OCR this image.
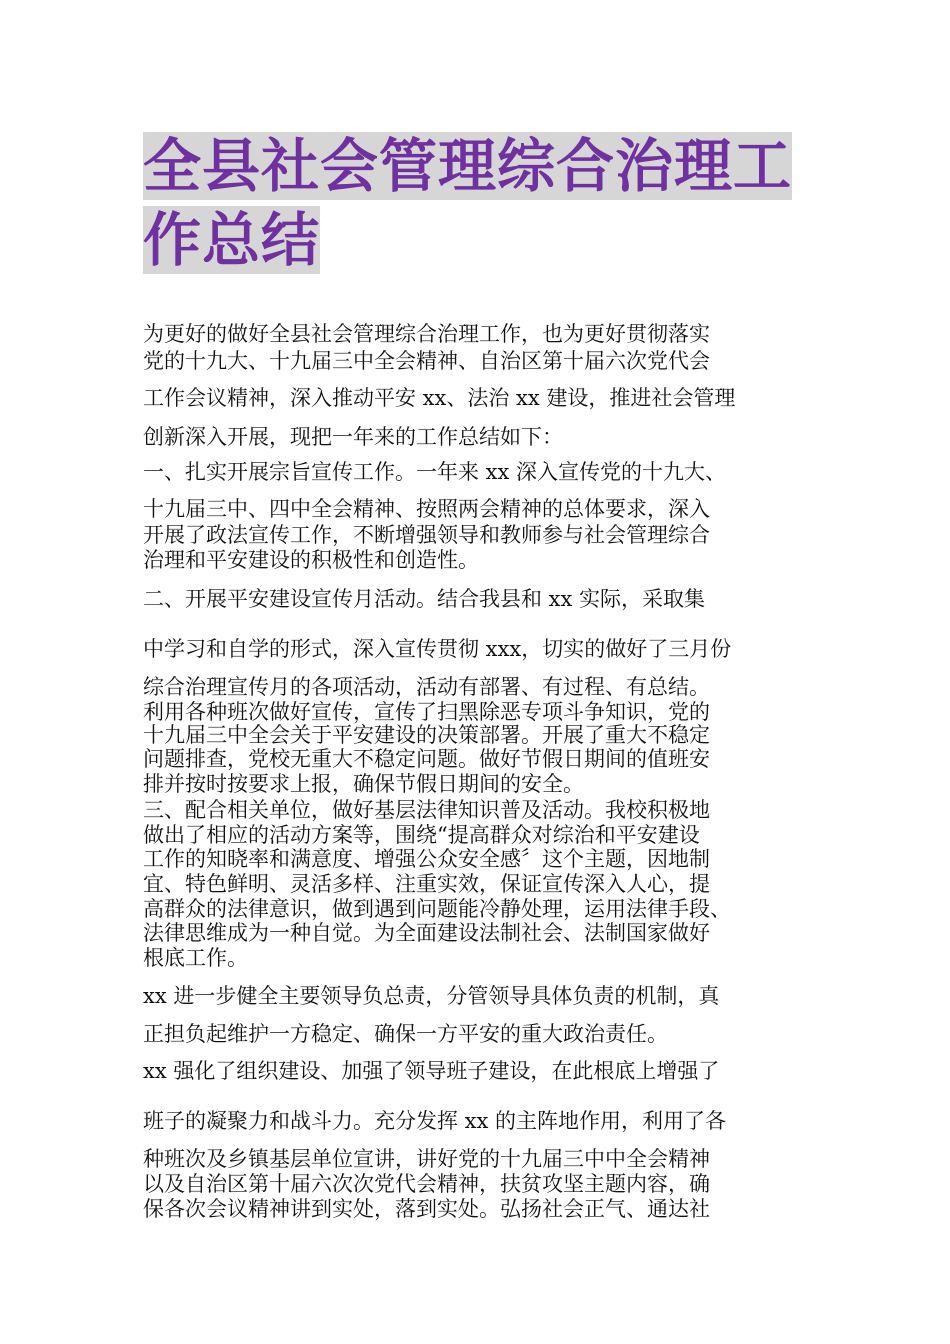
全县社会管理综合治理工
作总结
为更好的做好全县社会管理综合治理工作，也为更好贯彻落实
党的十九大、十九届三中全会精神、自治区第十届六次党代会
工作会议精神，深入推动平安 xx、法治 xx 建设，推进社会管理
创新深入开展，现把一年来的工作总结如下：
一、扎实开展宗旨宣传工作。一年来 xx 深入宣传党的十九大、
十九届三中、四中全会精神、按照两会精神的总体要求，深入
开展了政法宣传工作，不断增强领导和教师参与社会管理综合
治理和平安建设的积极性和创造性。
二、开展平安建设宣传月活动。结合我县和 xx 实际，采取集
中学习和自学的形式，深入宣传贯彻 xxx，切实的做好了三月份
综合治理宣传月的各项活动，活动有部署、有过程、有总结。
利用各种班次做好宣传，宣传了扫黑除恶专项斗争知识，党的
十九届三中全会关于平安建设的决策部署。开展了重大不稳定
问题排查，党校无重大不稳定问题。做好节假日期间的值班安
排并按时按要求上报，确保节假日期间的安全。
三、配合相关单位，做好基层法律知识普及活动。我校积极地
做出了相应的活动方案等，围绕“提高群众对综治和平安建设
工作的知晓率和满意度、增强公众安全感〞这个主题，因地制
宜、特色鲜明、灵活多样、注重实效，保证宣传深入人心，提
高群众的法律意识，做到遇到问题能冷静处理，运用法律手段、
法律思维成为一种自觉。为全面建设法制社会、法制国家做好
根底工作。
xx 进一步健全主要领导负总责，分管领导具体负责的机制，真
正担负起维护一方稳定、确保一方平安的重大政治责任。
xx 强化了组织建设、加强了领导班子建设，在此根底上增强了
班子的凝聚力和战斗力。充分发挥 xx 的主阵地作用，利用了各
种班次及乡镇基层单位宣讲，讲好党的十九届三中中全会精神
以及自治区第十届六次次党代会精神，扶贫攻坚主题内容，确
保各次会议精神讲到实处，落到实处。弘扬社会正气、通达社
